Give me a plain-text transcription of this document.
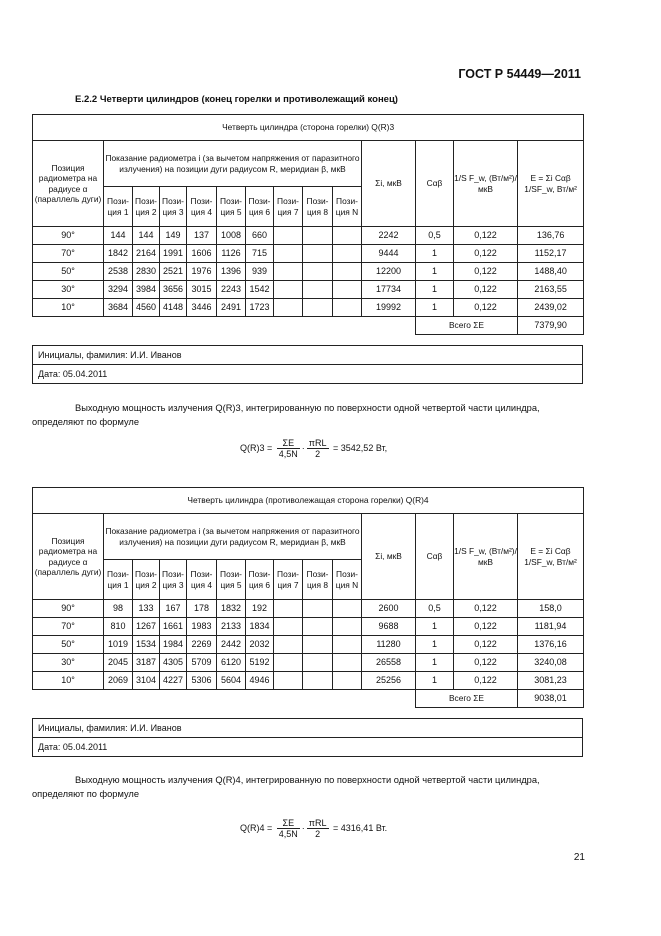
ГОСТ Р 54449—2011
Е.2.2 Четверти цилиндров (конец горелки и противолежащий конец)
Четверть цилиндра (сторона горелки) Q(R)3													
Позиция радиометра на радиусе α (параллель дуги)	Показание радиометра i (за вычетом напряжения от паразитного излучения) на позиции дуги радиусом R, меридиан β, мкВ									Σi, мкВ	Cαβ	1/S F_w, (Вт/м²)/мкВ	E = Σi Cαβ 1/SF_w, Вт/м²
	Пози-ция 1	Пози-ция 2	Пози-ция 3	Пози-ция 4	Пози-ция 5	Пози-ция 6	Пози-ция 7	Пози-ция 8	Пози-ция N				
90°	144	144	149	137	1008	660				2242	0,5	0,122	136,76
70°	1842	2164	1991	1606	1126	715				9444	1	0,122	1152,17
50°	2538	2830	2521	1976	1396	939				12200	1	0,122	1488,40
30°	3294	3984	3656	3015	2243	1542				17734	1	0,122	2163,55
10°	3684	4560	4148	3446	2491	1723				19992	1	0,122	2439,02
											Всего ΣE		7379,90
Инициалы, фамилия: И.И. Иванов
Дата: 05.04.2011
Выходную мощность излучения Q(R)3, интегрированную по поверхности одной четвертой части цилиндра, определяют по формуле
$Q(R)3 = \frac{\Sigma E}{4,5N} \cdot \frac{\text{πRL}}{2} = 3542,52$ Вт,
Четверть цилиндра (противолежащая сторона горелки) Q(R)4													
Позиция радиометра на радиусе α (параллель дуги)	Показание радиометра i (за вычетом напряжения от паразитного излучения) на позиции дуги радиусом R, меридиан β, мкВ									Σi, мкВ	Cαβ	1/S F_w, (Вт/м²)/мкВ	E = Σi Cαβ 1/SF_w, Вт/м²
	Пози-ция 1	Пози-ция 2	Пози-ция 3	Пози-ция 4	Пози-ция 5	Пози-ция 6	Пози-ция 7	Пози-ция 8	Пози-ция N				
90°	98	133	167	178	1832	192				2600	0,5	0,122	158,0
70°	810	1267	1661	1983	2133	1834				9688	1	0,122	1181,94
50°	1019	1534	1984	2269	2442	2032				11280	1	0,122	1376,16
30°	2045	3187	4305	5709	6120	5192				26558	1	0,122	3240,08
10°	2069	3104	4227	5306	5604	4946				25256	1	0,122	3081,23
											Всего ΣE		9038,01
Инициалы, фамилия: И.И. Иванов
Дата: 05.04.2011
Выходную мощность излучения Q(R)4, интегрированную по поверхности одной четвертой части цилиндра, определяют по формуле
$Q(R)4 = \frac{\Sigma E}{4,5N} \cdot \frac{\text{πRL}}{2} = 4316,41$ Вт.
21
